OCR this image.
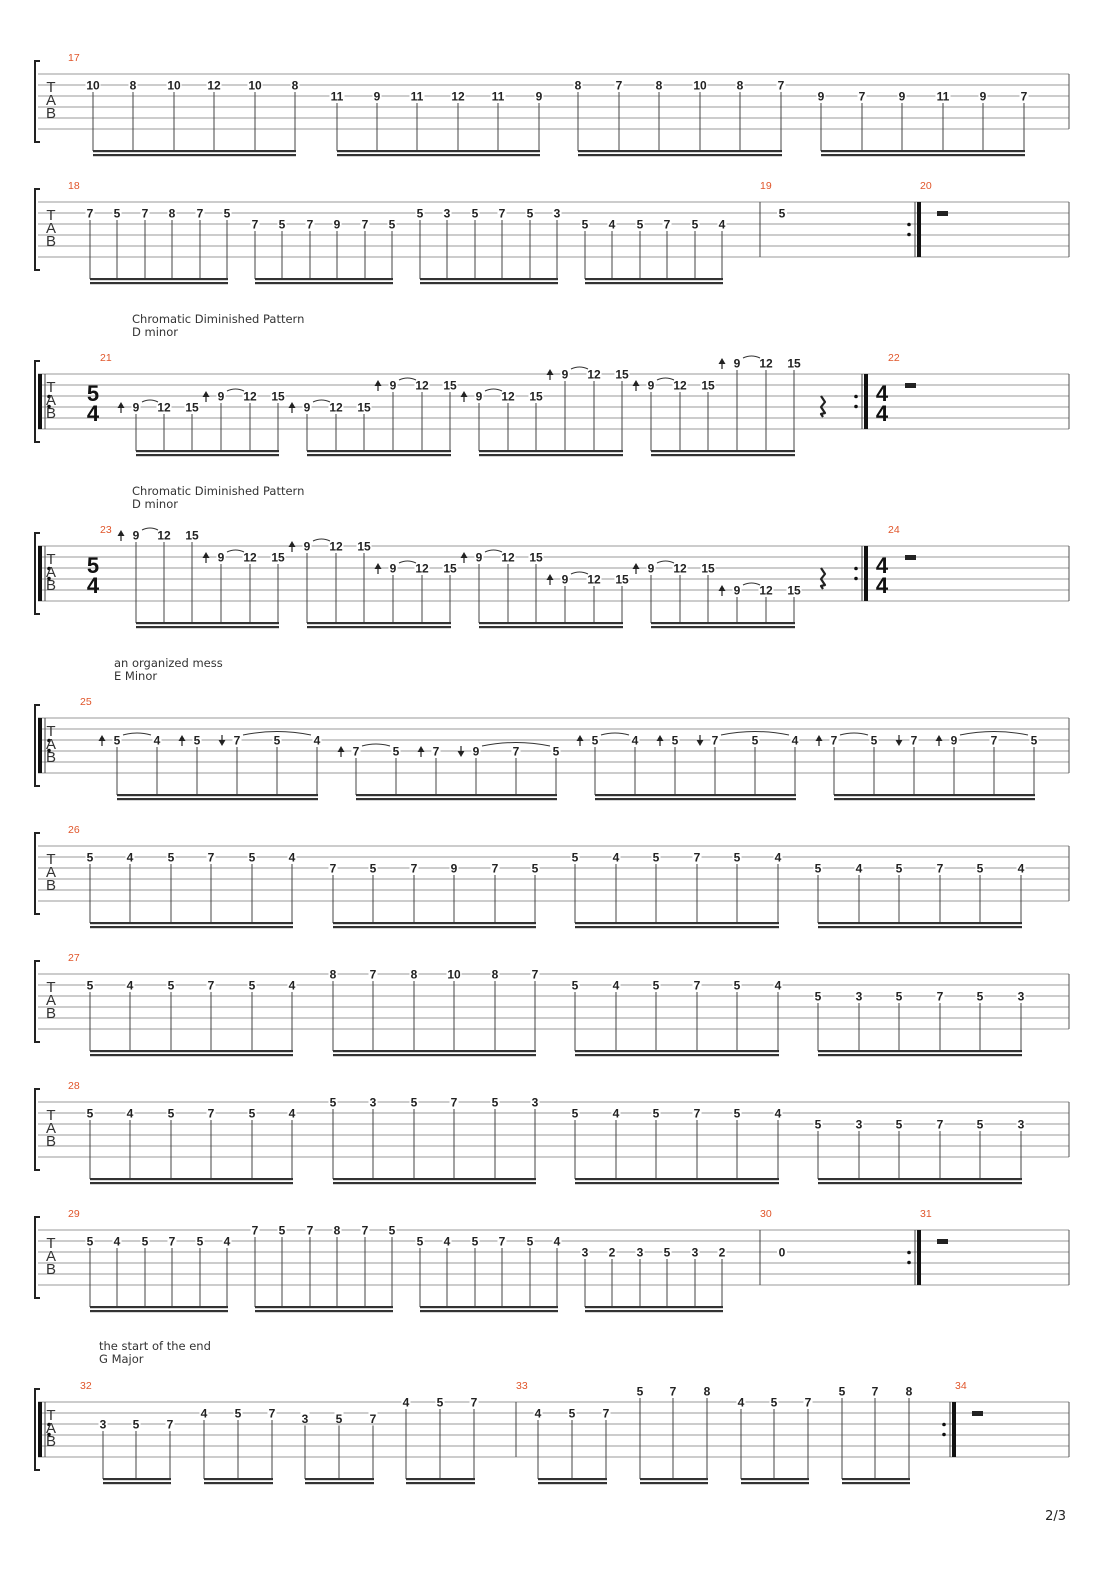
T
A
B
17
10 8	10 12 10 8
11	9	11 12 11	9
8	7	8	10 8	7
9	7	9	11	9	7
T
A
B
18	19	20
7 5 7 8 7 5
7 5 7 9 7 5
5 3 5 7 5 3
5 4 5 7 5 4
5
T
A
B
21	22
5
4
4
4
9 12 15
9 12 15
9 12 15
9 12 15
9 12 15
9 12 15
9 12 15
9 12 15
T
A
B
23	24
5
4
4
4
9 12 15
9 12 15
9 12 15
9 12 15
9 12 15
9 12 15
9 12 15
9 12 15
T
A
B
25
5	4	5	7	5	4
7	5	7	9	7	5
5	4	5	7	5	4	7	5	7	9	7	5
T
A
B
26
5	4	5	7	5	4
7	5	7	9	7	5
5	4	5	7	5	4
5	4	5	7	5	4
T
A
B
27
5	4	5	7	5	4
8	7	8 10	8	7
5	4	5	7	5	4
5	3	5	7	5	3
T
A
B
28
5	4	5	7	5	4
5	3	5	7	5	3
5	4	5	7	5	4
5	3	5	7	5	3
T
A
B
29	30	31
5 4 5 7 5 4
7 5 7 8 7 5
5 4 5 7 5 4
3 2 3 5 3 2	0
T
A
B
32	33	34
3 5 7
4 5 7 3 5 7
4 5 7
4 5 7
5 7 8
4 5 7
5 7 8
2/3
Chromatic Diminished Pattern
D minor
Chromatic Diminished Pattern
D minor
an organized mess
E Minor
the start of the end
G Major
